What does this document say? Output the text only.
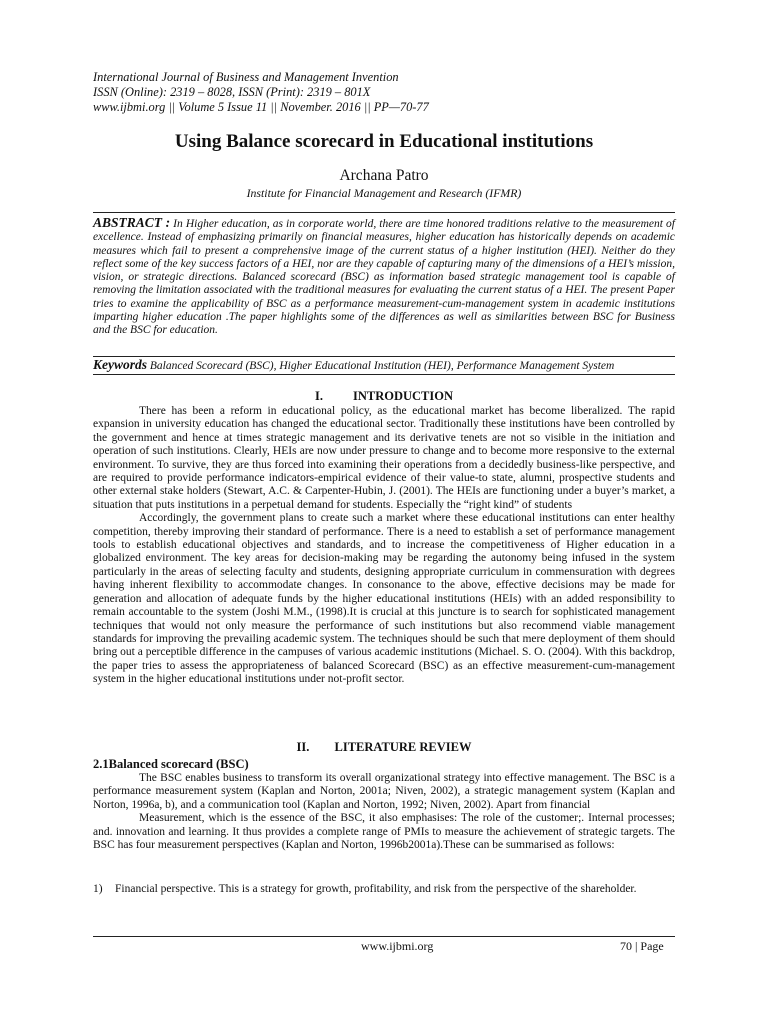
International Journal of Business and Management Invention
ISSN (Online): 2319 – 8028, ISSN (Print): 2319 – 801X
www.ijbmi.org || Volume 5 Issue 11 || November. 2016 || PP—70-77
Using Balance scorecard in Educational institutions
Archana Patro
Institute for Financial Management and Research (IFMR)
ABSTRACT : In Higher education, as in corporate world, there are time honored traditions relative to the measurement of excellence. Instead of emphasizing primarily on financial measures, higher education has historically depends on academic measures which fail to present a comprehensive image of the current status of a higher institution (HEI). Neither do they reflect some of the key success factors of a HEI, nor are they capable of capturing many of the dimensions of a HEI’s mission, vision, or strategic directions. Balanced scorecard (BSC) as information based strategic management tool is capable of removing the limitation associated with the traditional measures for evaluating the current status of a HEI. The present Paper tries to examine the applicability of BSC as a performance measurement-cum-management system in academic institutions imparting higher education .The paper highlights some of the differences as well as similarities between BSC for Business and the BSC for education.
Keywords Balanced Scorecard (BSC), Higher Educational Institution (HEI), Performance Management System
I. INTRODUCTION

There has been a reform in educational policy, as the educational market has become liberalized. The rapid expansion in university education has changed the educational sector. Traditionally these institutions have been controlled by the government and hence at times strategic management and its derivative tenets are not so visible in the initiation and operation of such institutions. Clearly, HEIs are now under pressure to change and to become more responsive to the external environment. To survive, they are thus forced into examining their operations from a decidedly business-like perspective, and are required to provide performance indicators-empirical evidence of their value-to state, alumni, prospective students and other external stake holders (Stewart, A.C. & Carpenter-Hubin, J. (2001). The HEIs are functioning under a buyer’s market, a situation that puts institutions in a perpetual demand for students. Especially the “right kind” of students

Accordingly, the government plans to create such a market where these educational institutions can enter healthy competition, thereby improving their standard of performance. There is a need to establish a set of performance management tools to establish educational objectives and standards, and to increase the competitiveness of Higher education in a globalized environment. The key areas for decision-making may be regarding the autonomy being infused in the system particularly in the areas of selecting faculty and students, designing appropriate curriculum in commensuration with degrees having inherent flexibility to accommodate changes. In consonance to the above, effective decisions may be made for generation and allocation of adequate funds by the higher educational institutions (HEIs) with an added responsibility to remain accountable to the system (Joshi M.M., (1998).It is crucial at this juncture is to search for sophisticated management techniques that would not only measure the performance of such institutions but also recommend viable management standards for improving the prevailing academic system. The techniques should be such that mere deployment of them should bring out a perceptible difference in the campuses of various academic institutions (Michael. S. O. (2004). With this backdrop, the paper tries to assess the appropriateness of balanced Scorecard (BSC) as an effective measurement-cum-management system in the higher educational institutions under not-profit sector.

II. LITERATURE REVIEW
2.1Balanced scorecard (BSC)

The BSC enables business to transform its overall organizational strategy into effective management. The BSC is a performance measurement system (Kaplan and Norton, 2001a; Niven, 2002), a strategic management system (Kaplan and Norton, 1996a, b), and a communication tool (Kaplan and Norton, 1992; Niven, 2002). Apart from financial

Measurement, which is the essence of the BSC, it also emphasises: The role of the customer;. Internal processes; and. innovation and learning. It thus provides a complete range of PMIs to measure the achievement of strategic targets. The BSC has four measurement perspectives (Kaplan and Norton, 1996b2001a).These can be summarised as follows:

1) Financial perspective. This is a strategy for growth, profitability, and risk from the perspective of the shareholder.
www.ijbmi.org	70 | Page
